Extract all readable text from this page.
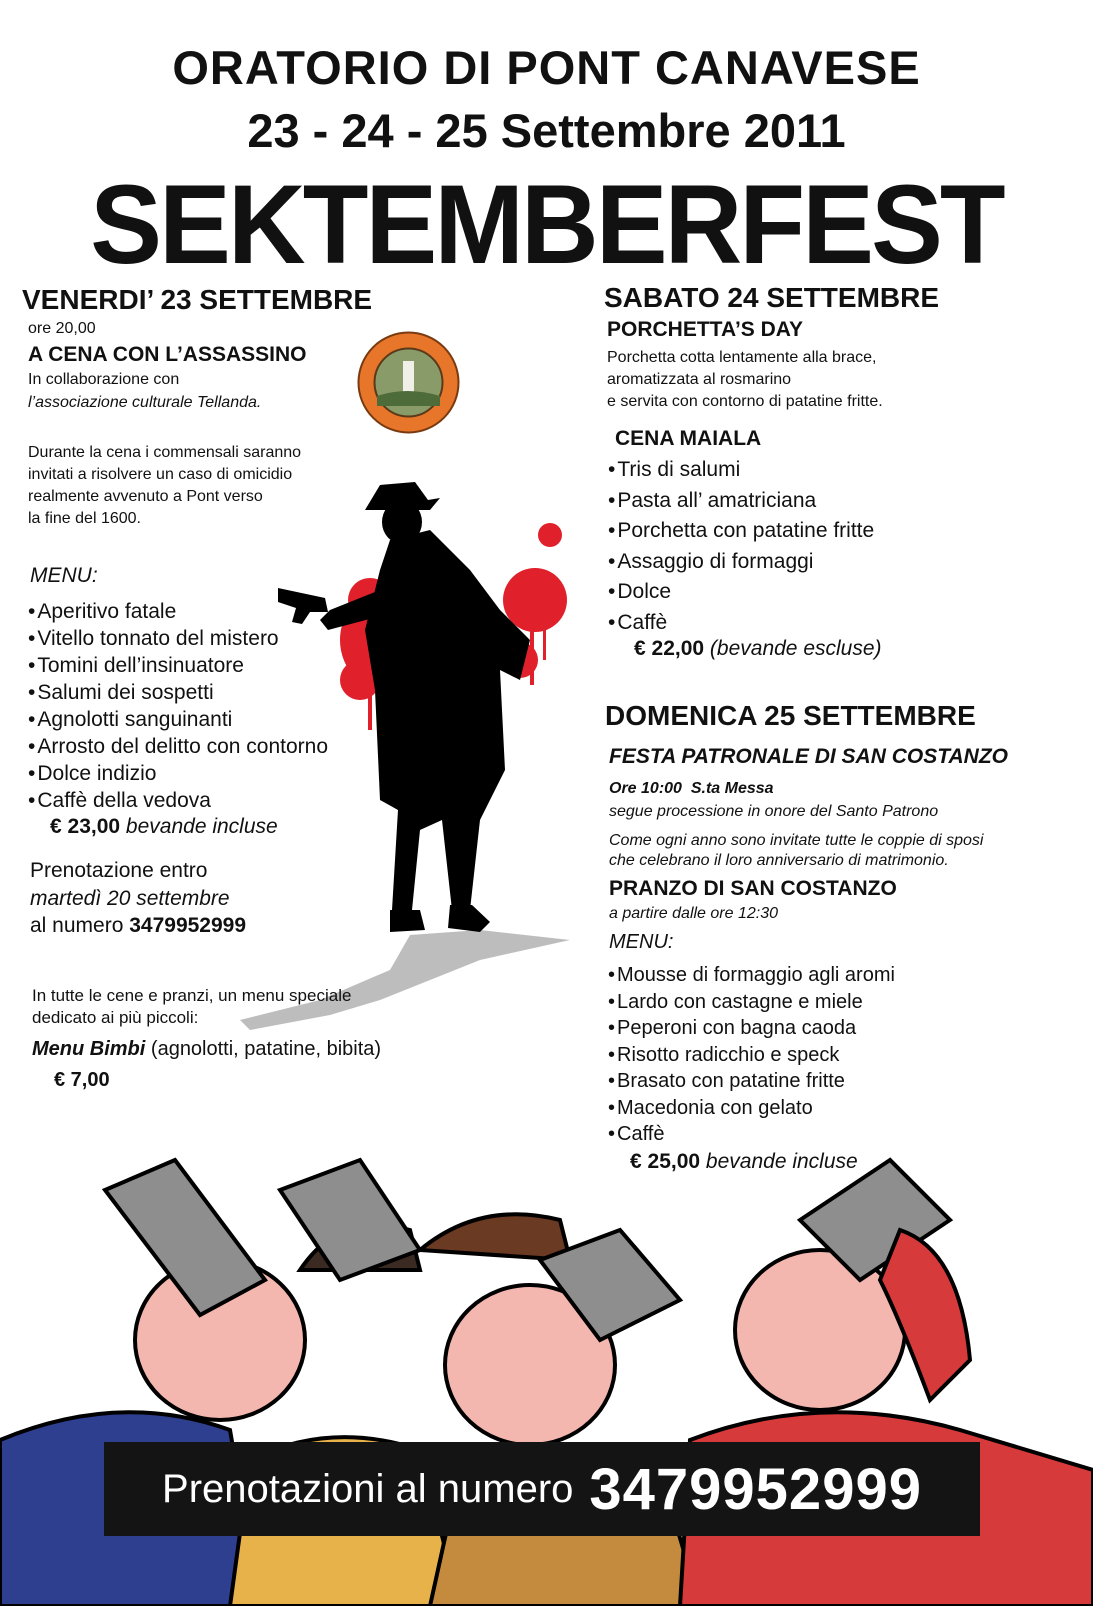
ORATORIO DI PONT CANAVESE
23 - 24 - 25 Settembre 2011
SEKTEMBERFEST
VENERDI’ 23 SETTEMBRE
ore 20,00
A CENA CON L’ASSASSINO
In collaborazione con
l’associazione culturale Tellanda.
Durante la cena i commensali saranno
invitati a risolvere un caso di omicidio
realmente avvenuto a Pont verso
la fine del 1600.
MENU:
• Aperitivo fatale
• Vitello tonnato del mistero
• Tomini dell’insinuatore
• Salumi dei sospetti
• Agnolotti sanguinanti
• Arrosto del delitto con contorno
• Dolce indizio
• Caffè della vedova
€ 23,00 bevande incluse
Prenotazione entro
martedì 20 settembre
al numero 3479952999
In tutte le cene e pranzi, un menu speciale
dedicato ai più piccoli:
Menu Bimbi (agnolotti, patatine, bibita)
€ 7,00
SABATO 24 SETTEMBRE
PORCHETTA’S DAY
Porchetta cotta lentamente alla brace,
aromatizzata al rosmarino
e servita con contorno di patatine fritte.
CENA MAIALA
• Tris di salumi
• Pasta all’ amatriciana
• Porchetta con patatine fritte
• Assaggio di formaggi
• Dolce
• Caffè
€ 22,00 (bevande escluse)
DOMENICA 25 SETTEMBRE
FESTA PATRONALE DI SAN COSTANZO
Ore 10:00 S.ta Messa
segue processione in onore del Santo Patrono
Come ogni anno sono invitate tutte le coppie di sposi
che celebrano il loro anniversario di matrimonio.
PRANZO DI SAN COSTANZO
a partire dalle ore 12:30
MENU:
• Mousse di formaggio agli aromi
• Lardo con castagne e miele
• Peperoni con bagna caoda
• Risotto radicchio e speck
• Brasato con patatine fritte
• Macedonia con gelato
• Caffè
€ 25,00 bevande incluse
Prenotazioni al numero 3479952999
